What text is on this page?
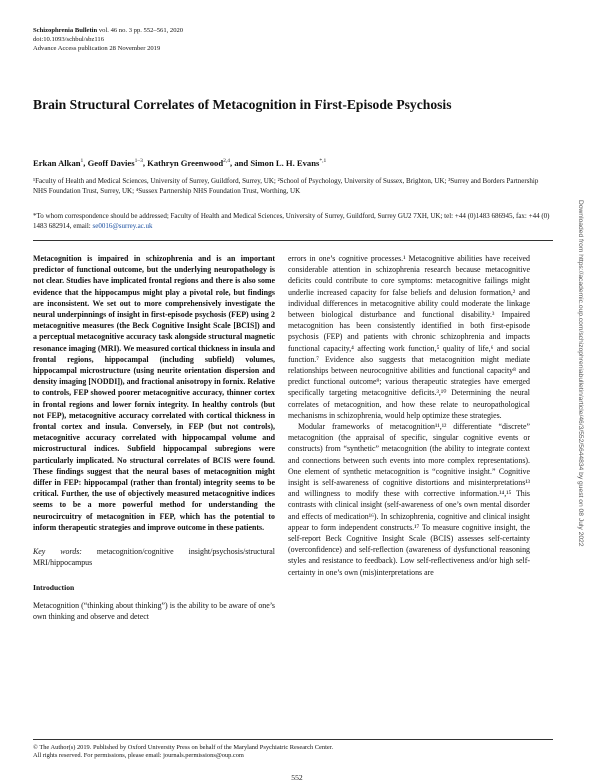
Schizophrenia Bulletin vol. 46 no. 3 pp. 552–561, 2020
doi:10.1093/schbul/sbz116
Advance Access publication 28 November 2019
Brain Structural Correlates of Metacognition in First-Episode Psychosis
Erkan Alkan$^1$, Geoff Davies$^{1-3}$, Kathryn Greenwood$^{2,4}$, and Simon L. H. Evans$^{*,1}$
¹Faculty of Health and Medical Sciences, University of Surrey, Guildford, Surrey, UK; ²School of Psychology, University of Sussex, Brighton, UK; ³Surrey and Borders Partnership NHS Foundation Trust, Surrey, UK; ⁴Sussex Partnership NHS Foundation Trust, Worthing, UK
*To whom correspondence should be addressed; Faculty of Health and Medical Sciences, University of Surrey, Guildford, Surrey GU2 7XH, UK; tel: +44 (0)1483 686945, fax: +44 (0) 1483 682914, email: se0016@surrey.ac.uk
Metacognition is impaired in schizophrenia and is an important predictor of functional outcome, but the underlying neuropathology is not clear. Studies have implicated frontal regions and there is also some evidence that the hippocampus might play a pivotal role, but findings are inconsistent. We set out to more comprehensively investigate the neural underpinnings of insight in first-episode psychosis (FEP) using 2 metacognitive measures (the Beck Cognitive Insight Scale [BCIS]) and a perceptual metacognitive accuracy task alongside structural magnetic resonance imaging (MRI). We measured cortical thickness in insula and frontal regions, hippocampal (including subfield) volumes, hippocampal microstructure (using neurite orientation dispersion and density imaging [NODDI]), and fractional anisotropy in fornix. Relative to controls, FEP showed poorer metacognitive accuracy, thinner cortex in frontal regions and lower fornix integrity. In healthy controls (but not FEP), metacognitive accuracy correlated with cortical thickness in frontal cortex and insula. Conversely, in FEP (but not controls), metacognitive accuracy correlated with hippocampal volume and microstructural indices. Subfield hippocampal subregions were particularly implicated. No structural correlates of BCIS were found. These findings suggest that the neural bases of metacognition might differ in FEP: hippocampal (rather than frontal) integrity seems to be critical. Further, the use of objectively measured metacognitive indices seems to be a more powerful method for understanding the neurocircuitry of metacognition in FEP, which has the potential to inform therapeutic strategies and improve outcome in these patients.
Key words: metacognition/cognitive insight/psychosis/structural MRI/hippocampus
Introduction
Metacognition (“thinking about thinking”) is the ability to be aware of one’s own thinking and observe and detect

errors in one’s cognitive processes.¹ Metacognitive abilities have received considerable attention in schizophrenia research because metacognitive deficits could contribute to core symptoms: metacognitive failings might underlie increased capacity for false beliefs and delusion formation,² and individual differences in metacognitive ability could moderate the linkage between biological disturbance and functional disability.³ Impaired metacognition has been consistently identified in both first-episode psychosis (FEP) and patients with chronic schizophrenia and impacts functional capacity,⁴ affecting work function,⁵ quality of life,⁶ and social function.⁷ Evidence also suggests that metacognition might mediate relationships between neurocognitive abilities and functional capacity⁸ and predict functional outcome⁹; various therapeutic strategies have emerged specifically targeting metacognitive deficits.³,¹⁰ Determining the neural correlates of metacognition, and how these relate to neuropathological mechanisms in schizophrenia, would help optimize these strategies.

Modular frameworks of metacognition¹¹,¹² differentiate “discrete” metacognition (the appraisal of specific, singular cognitive events or constructs) from “synthetic” metacognition (the ability to integrate context and connections between such events into more complex representations). One element of synthetic metacognition is “cognitive insight.” Cognitive insight is self-awareness of cognitive distortions and misinterpretations¹³ and willingness to modify these with corrective information.¹⁴,¹⁵ This contrasts with clinical insight (self-awareness of one’s own mental disorder and effects of medication¹⁶). In schizophrenia, cognitive and clinical insight appear to form independent constructs.¹⁷ To measure cognitive insight, the self-report Beck Cognitive Insight Scale (BCIS) assesses self-certainty (overconfidence) and self-reflection (awareness of dysfunctional reasoning styles and resistance to feedback). Low self-reflectiveness and/or high self-certainty in one’s own (mis)interpretations are

© The Author(s) 2019. Published by Oxford University Press on behalf of the Maryland Psychiatric Research Center.
All rights reserved. For permissions, please email: journals.permissions@oup.com
552
Downloaded from https://academic.oup.com/schizophreniabulletin/article/46/3/552/5644834 by guest on 08 July 2022
